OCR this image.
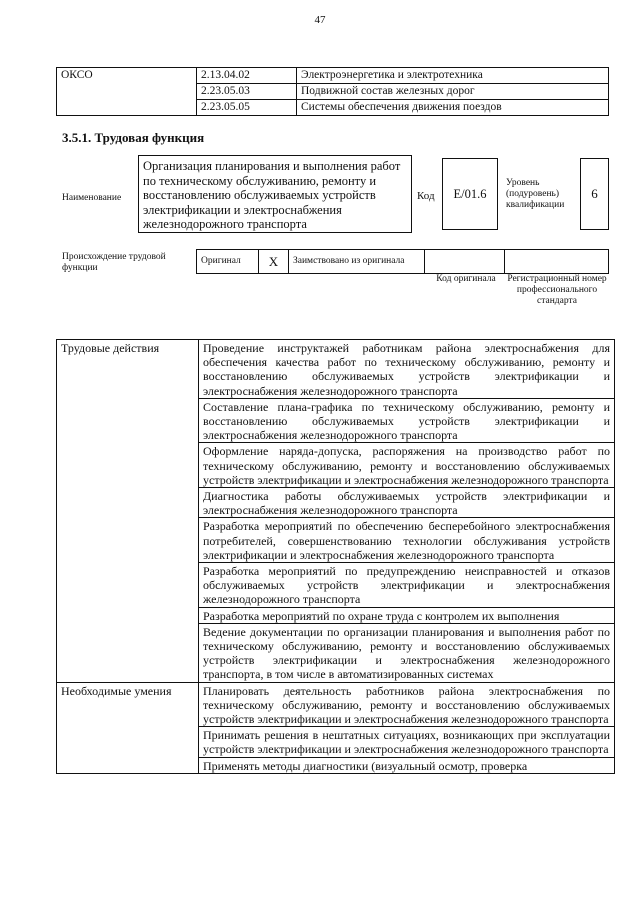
47
ОКСО	2.13.04.02	Электроэнергетика и электротехника
	2.23.05.03	Подвижной состав железных дорог
	2.23.05.05	Системы обеспечения движения поездов
3.5.1. Трудовая функция
Наименование
Организация планирования и выполнения работ по техническому обслуживанию, ремонту и восстановлению обслуживаемых устройств электрификации и электроснабжения железнодорожного транспорта
Код	E/01.6
Уровень (подуровень) квалификации
6
Происхождение трудовой функции
Оригинал	X	Заимствовано из оригинала		
Код оригинала Регистрационный номер профессионального стандарта
Трудовые действия	Проведение инструктажей работникам района электроснабжения для обеспечения качества работ по техническому обслуживанию, ремонту и восстановлению обслуживаемых устройств электрификации и электроснабжения железнодорожного транспорта
	Составление плана-графика по техническому обслуживанию, ремонту и восстановлению обслуживаемых устройств электрификации и электроснабжения железнодорожного транспорта
	Оформление наряда-допуска, распоряжения на производство работ по техническому обслуживанию, ремонту и восстановлению обслуживаемых устройств электрификации и электроснабжения железнодорожного транспорта
	Диагностика работы обслуживаемых устройств электрификации и электроснабжения железнодорожного транспорта
	Разработка мероприятий по обеспечению бесперебойного электроснабжения потребителей, совершенствованию технологии обслуживания устройств электрификации и электроснабжения железнодорожного транспорта
	Разработка мероприятий по предупреждению неисправностей и отказов обслуживаемых устройств электрификации и электроснабжения железнодорожного транспорта
	Разработка мероприятий по охране труда с контролем их выполнения
	Ведение документации по организации планирования и выполнения работ по техническому обслуживанию, ремонту и восстановлению обслуживаемых устройств электрификации и электроснабжения железнодорожного транспорта, в том числе в автоматизированных системах
Необходимые умения	Планировать деятельность работников района электроснабжения по техническому обслуживанию, ремонту и восстановлению обслуживаемых устройств электрификации и электроснабжения железнодорожного транспорта
	Принимать решения в нештатных ситуациях, возникающих при эксплуатации устройств электрификации и электроснабжения железнодорожного транспорта
	Применять методы диагностики (визуальный осмотр, проверка
